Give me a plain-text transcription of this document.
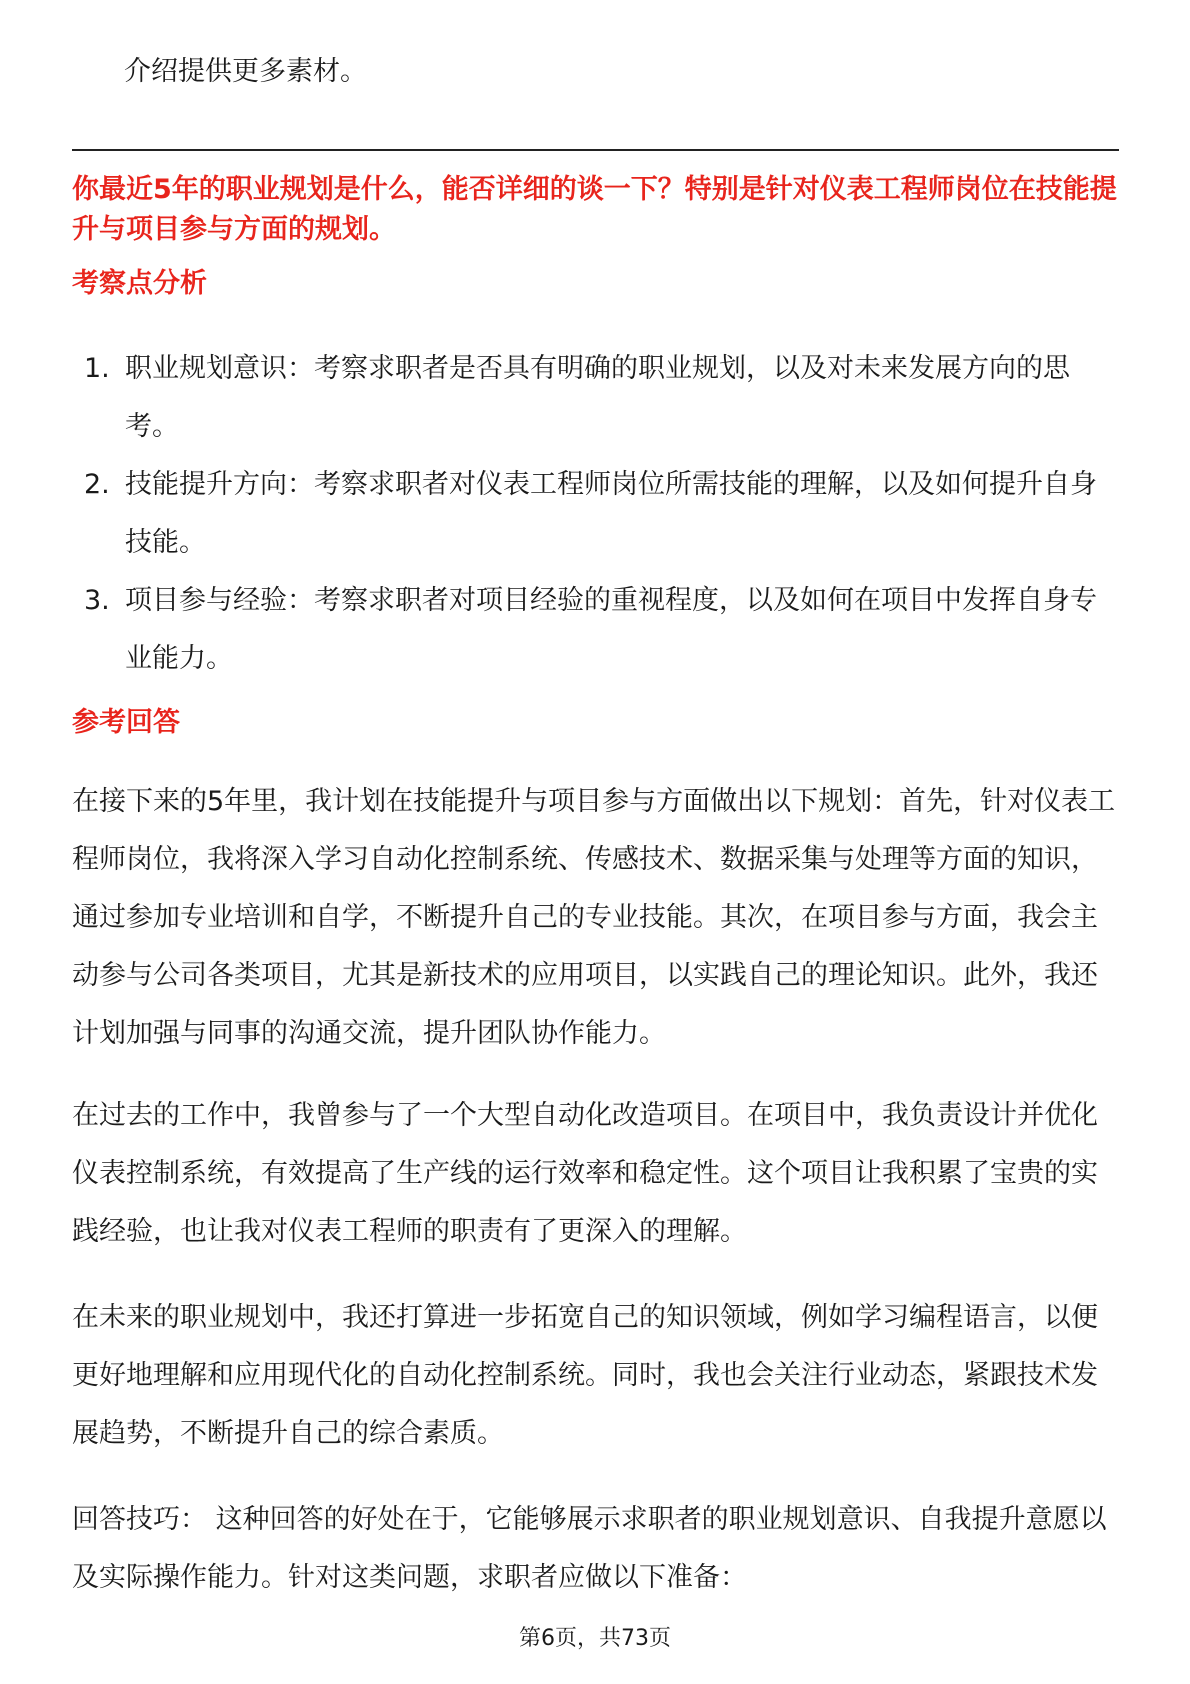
介绍提供更多素材。
你最近5年的职业规划是什么，能否详细的谈一下？特别是针对仪表工程师岗位在技能提升与项目参与方面的规划。
考察点分析
1. 职业规划意识：考察求职者是否具有明确的职业规划，以及对未来发展方向的思考。
2. 技能提升方向：考察求职者对仪表工程师岗位所需技能的理解，以及如何提升自身技能。
3. 项目参与经验：考察求职者对项目经验的重视程度，以及如何在项目中发挥自身专业能力。
参考回答
在接下来的5年里，我计划在技能提升与项目参与方面做出以下规划：首先，针对仪表工程师岗位，我将深入学习自动化控制系统、传感技术、数据采集与处理等方面的知识，通过参加专业培训和自学，不断提升自己的专业技能。其次，在项目参与方面，我会主动参与公司各类项目，尤其是新技术的应用项目，以实践自己的理论知识。此外，我还计划加强与同事的沟通交流，提升团队协作能力。
在过去的工作中，我曾参与了一个大型自动化改造项目。在项目中，我负责设计并优化仪表控制系统，有效提高了生产线的运行效率和稳定性。这个项目让我积累了宝贵的实践经验，也让我对仪表工程师的职责有了更深入的理解。
在未来的职业规划中，我还打算进一步拓宽自己的知识领域，例如学习编程语言，以便更好地理解和应用现代化的自动化控制系统。同时，我也会关注行业动态，紧跟技术发展趋势，不断提升自己的综合素质。
回答技巧： 这种回答的好处在于，它能够展示求职者的职业规划意识、自我提升意愿以及实际操作能力。针对这类问题，求职者应做以下准备：
第6页，共73页
